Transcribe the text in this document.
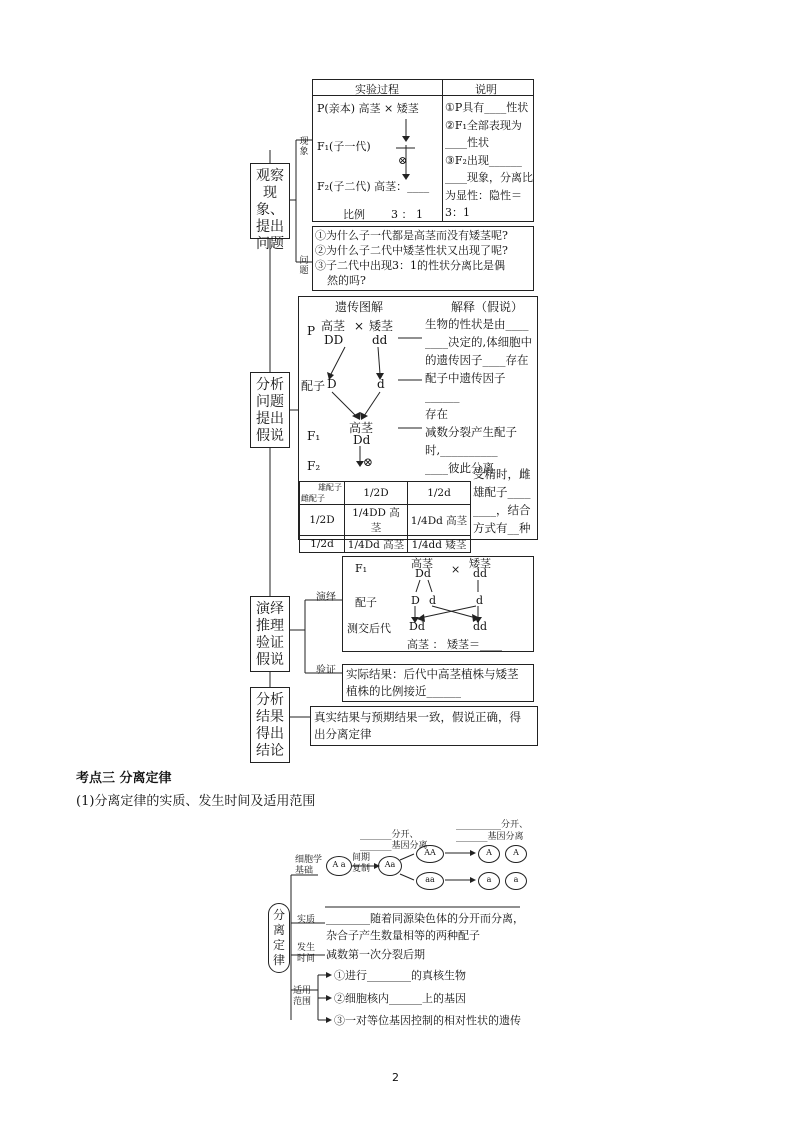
观察
现象、
提出
问题
分析
问题
提出
假说
演绎
推理
验证
假说
分析
结果
得出
结论
现象
问题
演绎
验证
实验过程	说明
P(亲本) 高茎 × 矮茎
F₁(子一代)
⊗
F₂(子二代) 高茎：____
比例 3 ： 1
①P具有____性状
②F₁全部表现为
____性状
③F₂出现______
____现象，分离比
为显性：隐性＝
3：1
①为什么子一代都是高茎而没有矮茎呢?
②为什么子二代中矮茎性状又出现了呢?
③子二代中出现3：1的性状分离比是偶
然的吗?
遗传图解	解释（假说）
P 高茎 × 矮茎
DD dd
配子 D	d
高茎
F₁	Dd
F₂	⊗
生物的性状是由____
____决定的,体细胞中
的遗传因子____存在
配子中遗传因子______
存在
减数分裂产生配子
时,__________
____彼此分离
受精时，雌
雄配子____
____，结合
方式有__种
雄配子
雌配子	1/2D	1/2d
1/2D	1/4DD 高茎	1/4Dd 高茎
1/2d	1/4Dd 高茎	1/4dd 矮茎
F₁	高茎 × 矮茎
Dd	dd
配子	D d	d
测交后代 Dd	dd
高茎 ： 矮茎＝____
实际结果：后代中高茎植株与矮茎
植株的比例接近______
真实结果与预期结果一致，假说正确，得
出分离定律
考点三 分离定律
(1)分离定律的实质、发生时间及适用范围
分
离
定
律
细胞学
基础
实质
发生
时间
适用
范围
A a
间期
复制	Aa
AA
aa
A	A
a	a
_______分开、
_______基因分离
__________分开、
_______基因分离
________随着同源染色体的分开而分离，
杂合子产生数量相等的两种配子
减数第一次分裂后期
①进行________的真核生物
②细胞核内______上的基因
③一对等位基因控制的相对性状的遗传
2
